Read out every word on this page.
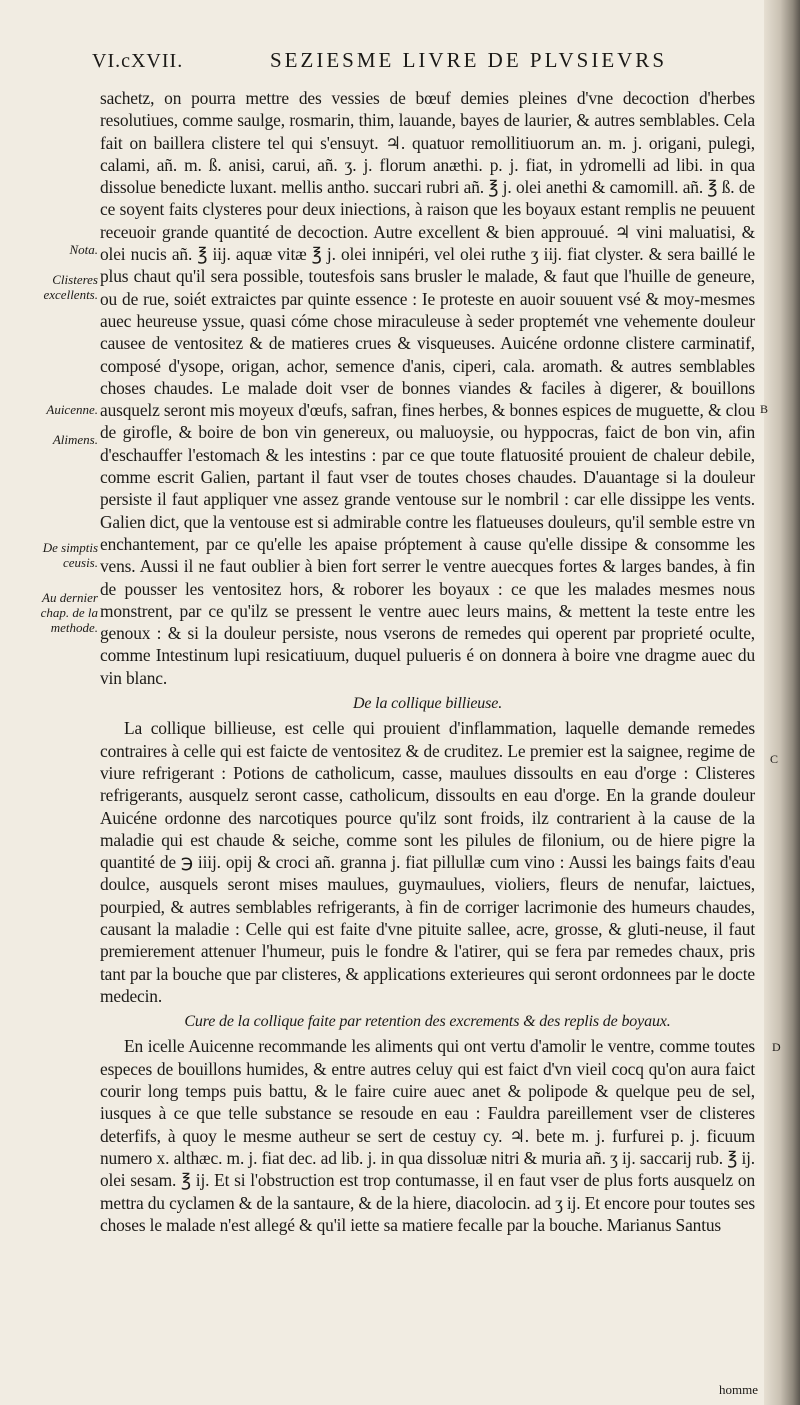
VI.cXVII.	SEZIESME LIVRE DE PLVSIEVRS
Nota.
Clisteres excellents.
Auicenne.
Alimens.
De simptis ceusis.
Au dernier chap. de la methode.
B
C
D

sachetz, on pourra mettre des vessies de bœuf demies pleines d'vne decoction d'herbes resolutiues, comme saulge, rosmarin, thim, lauande, bayes de laurier, & autres semblables. Cela fait on baillera clistere tel qui s'ensuyt. ♃. quatuor remollitiuorum an. m. j. origani, pulegi, calami, añ. m. ß. anisi, carui, añ. ʒ. j. florum anæthi. p. j. fiat, in ydromelli ad libi. in qua dissolue benedicte luxant. mellis antho. succari rubri añ. ℥ j. olei anethi & camomill. añ. ℥ ß. de ce soyent faits clysteres pour deux iniections, à raison que les boyaux estant remplis ne peuuent receuoir grande quantité de decoction. Autre excellent & bien approuué. ♃ vini maluatisi, & olei nucis añ. ℥ iij. aquæ vitæ ℥ j. olei innipéri, vel olei ruthe ʒ iij. fiat clyster. & sera baillé le plus chaut qu'il sera possible, toutesfois sans brusler le malade, & faut que l'huille de geneure, ou de rue, soiét extraictes par quinte essence : Ie proteste en auoir souuent vsé & moy-mesmes auec heureuse yssue, quasi cóme chose miraculeuse à seder proptemét vne vehemente douleur causee de ventositez & de matieres crues & visqueuses. Auicéne ordonne clistere carminatif, composé d'ysope, origan, achor, semence d'anis, ciperi, cala. aromath. & autres semblables choses chaudes. Le malade doit vser de bonnes viandes & faciles à digerer, & bouillons ausquelz seront mis moyeux d'œufs, safran, fines herbes, & bonnes espices de muguette, & clou de girofle, & boire de bon vin genereux, ou maluoysie, ou hyppocras, faict de bon vin, afin d'eschauffer l'estomach & les intestins : par ce que toute flatuosité prouient de chaleur debile, comme escrit Galien, partant il faut vser de toutes choses chaudes. D'auantage si la douleur persiste il faut appliquer vne assez grande ventouse sur le nombril : car elle dissippe les vents. Galien dict, que la ventouse est si admirable contre les flatueuses douleurs, qu'il semble estre vn enchantement, par ce qu'elle les apaise próptement à cause qu'elle dissipe & consomme les vens. Aussi il ne faut oublier à bien fort serrer le ventre auecques fortes & larges bandes, à fin de pousser les ventositez hors, & roborer les boyaux : ce que les malades mesmes nous monstrent, par ce qu'ilz se pressent le ventre auec leurs mains, & mettent la teste entre les genoux : & si la douleur persiste, nous vserons de remedes qui operent par proprieté oculte, comme Intestinum lupi resicatiuum, duquel pulueris é on donnera à boire vne dragme auec du vin blanc.

De la collique billieuse.

La collique billieuse, est celle qui prouient d'inflammation, laquelle demande remedes contraires à celle qui est faicte de ventositez & de cruditez. Le premier est la saignee, regime de viure refrigerant : Potions de catholicum, casse, maulues dissoults en eau d'orge : Clisteres refrigerants, ausquelz seront casse, catholicum, dissoults en eau d'orge. En la grande douleur Auicéne ordonne des narcotiques pource qu'ilz sont froids, ilz contrarient à la cause de la maladie qui est chaude & seiche, comme sont les pilules de filonium, ou de hiere pigre la quantité de ℈ iiij. opij & croci añ. granna j. fiat pillullæ cum vino : Aussi les baings faits d'eau doulce, ausquels seront mises maulues, guymaulues, violiers, fleurs de nenufar, laictues, pourpied, & autres semblables refrigerants, à fin de corriger lacrimonie des humeurs chaudes, causant la maladie : Celle qui est faite d'vne pituite sallee, acre, grosse, & gluti-neuse, il faut premierement attenuer l'humeur, puis le fondre & l'atirer, qui se fera par remedes chaux, pris tant par la bouche que par clisteres, & applications exterieures qui seront ordonnees par le docte medecin.

Cure de la collique faite par retention des excrements & des replis de boyaux.

En icelle Auicenne recommande les aliments qui ont vertu d'amolir le ventre, comme toutes especes de bouillons humides, & entre autres celuy qui est faict d'vn vieil cocq qu'on aura faict courir long temps puis battu, & le faire cuire auec anet & polipode & quelque peu de sel, iusques à ce que telle substance se resoude en eau : Fauldra pareillement vser de clisteres deterfifs, à quoy le mesme autheur se sert de cestuy cy. ♃. bete m. j. furfurei p. j. ficuum numero x. althæc. m. j. fiat dec. ad lib. j. in qua dissoluæ nitri & muria añ. ʒ ij. saccarij rub. ℥ ij. olei sesam. ℥ ij. Et si l'obstruction est trop contumasse, il en faut vser de plus forts ausquelz on mettra du cyclamen & de la santaure, & de la hiere, diacolocin. ad ʒ ij. Et encore pour toutes ses choses le malade n'est allegé & qu'il iette sa matiere fecalle par la bouche. Marianus Santus

homme
